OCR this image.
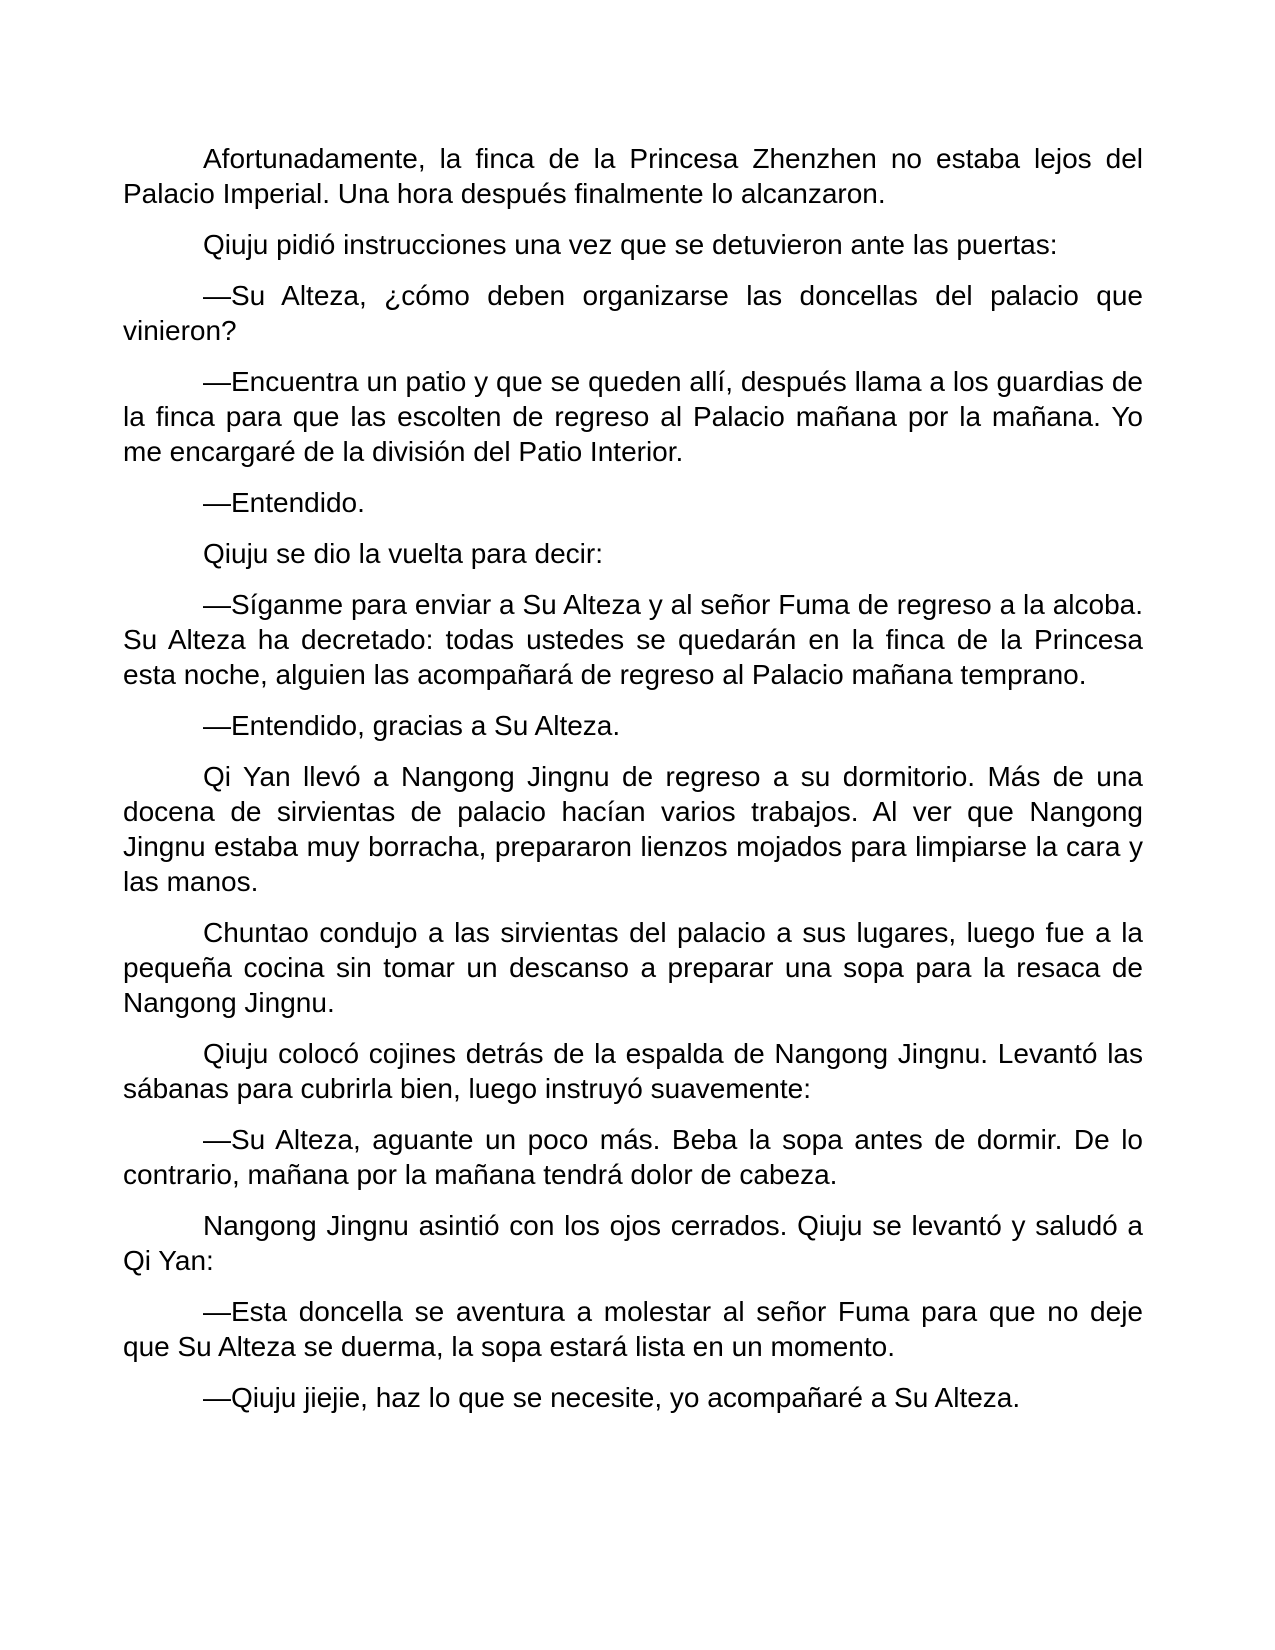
Afortunadamente, la finca de la Princesa Zhenzhen no estaba lejos del Palacio Imperial. Una hora después finalmente lo alcanzaron.

Qiuju pidió instrucciones una vez que se detuvieron ante las puertas:

—Su Alteza, ¿cómo deben organizarse las doncellas del palacio que vinieron?

—Encuentra un patio y que se queden allí, después llama a los guardias de la finca para que las escolten de regreso al Palacio mañana por la mañana. Yo me encargaré de la división del Patio Interior.

—Entendido.

Qiuju se dio la vuelta para decir:

—Síganme para enviar a Su Alteza y al señor Fuma de regreso a la alcoba. Su Alteza ha decretado: todas ustedes se quedarán en la finca de la Princesa esta noche, alguien las acompañará de regreso al Palacio mañana temprano.

—Entendido, gracias a Su Alteza.

Qi Yan llevó a Nangong Jingnu de regreso a su dormitorio. Más de una docena de sirvientas de palacio hacían varios trabajos. Al ver que Nangong Jingnu estaba muy borracha, prepararon lienzos mojados para limpiarse la cara y las manos.

Chuntao condujo a las sirvientas del palacio a sus lugares, luego fue a la pequeña cocina sin tomar un descanso a preparar una sopa para la resaca de Nangong Jingnu.

Qiuju colocó cojines detrás de la espalda de Nangong Jingnu. Levantó las sábanas para cubrirla bien, luego instruyó suavemente:

—Su Alteza, aguante un poco más. Beba la sopa antes de dormir. De lo contrario, mañana por la mañana tendrá dolor de cabeza.

Nangong Jingnu asintió con los ojos cerrados. Qiuju se levantó y saludó a Qi Yan:

—Esta doncella se aventura a molestar al señor Fuma para que no deje que Su Alteza se duerma, la sopa estará lista en un momento.

—Qiuju jiejie, haz lo que se necesite, yo acompañaré a Su Alteza.
